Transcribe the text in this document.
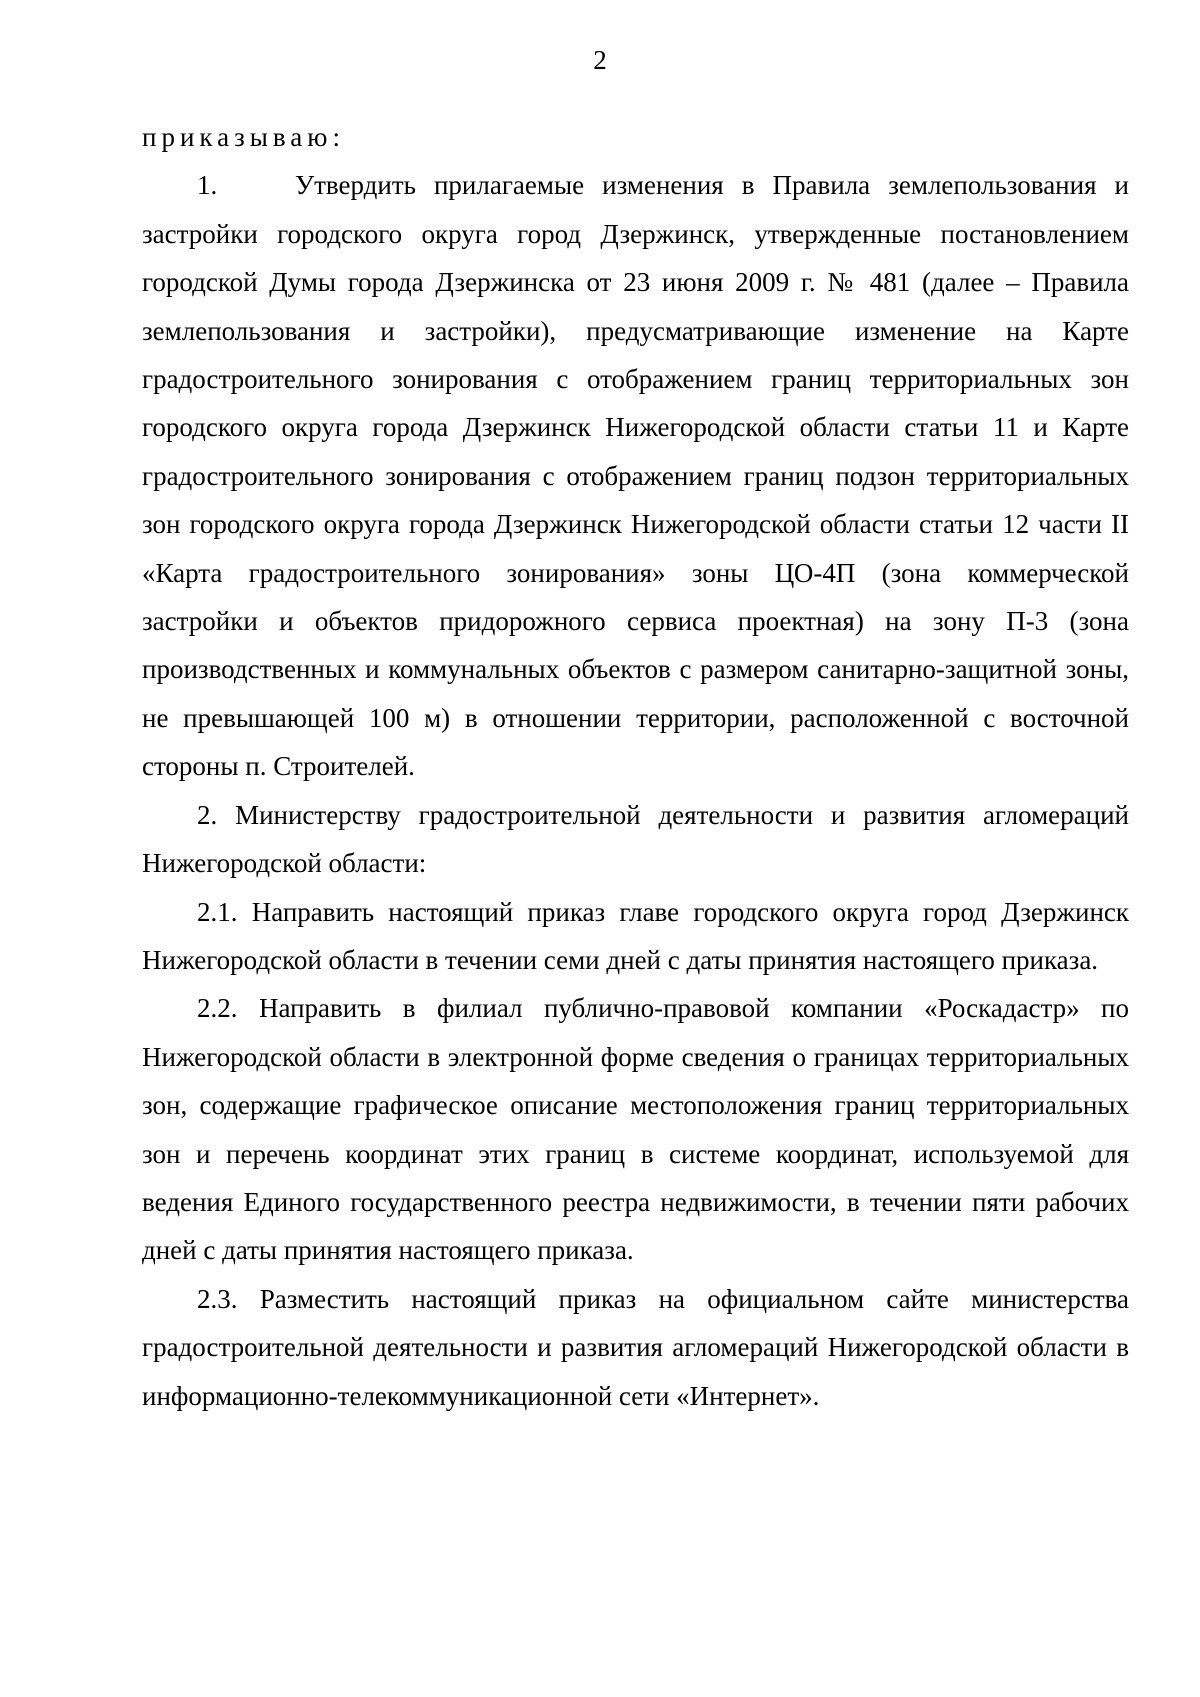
2

приказываю:

1.	Утвердить прилагаемые изменения в Правила землепользования и застройки городского округа город Дзержинск, утвержденные постановлением городской Думы города Дзержинска от 23 июня 2009 г. № 481 (далее – Правила землепользования и застройки), предусматривающие изменение на Карте градостроительного зонирования с отображением границ территориальных зон городского округа города Дзержинск Нижегородской области статьи 11 и Карте градостроительного зонирования с отображением границ подзон территориальных зон городского округа города Дзержинск Нижегородской области статьи 12 части II «Карта градостроительного зонирования» зоны ЦО-4П (зона коммерческой застройки и объектов придорожного сервиса проектная) на зону П-3 (зона производственных и коммунальных объектов с размером санитарно-защитной зоны, не превышающей 100 м) в отношении территории, расположенной с восточной стороны п. Строителей.

2. Министерству градостроительной деятельности и развития агломераций Нижегородской области:

2.1. Направить настоящий приказ главе городского округа город Дзержинск Нижегородской области в течении семи дней с даты принятия настоящего приказа.

2.2. Направить в филиал публично-правовой компании «Роскадастр» по Нижегородской области в электронной форме сведения о границах территориальных зон, содержащие графическое описание местоположения границ территориальных зон и перечень координат этих границ в системе координат, используемой для ведения Единого государственного реестра недвижимости, в течении пяти рабочих дней с даты принятия настоящего приказа.

2.3. Разместить настоящий приказ на официальном сайте министерства градостроительной деятельности и развития агломераций Нижегородской области в информационно-телекоммуникационной сети «Интернет».
